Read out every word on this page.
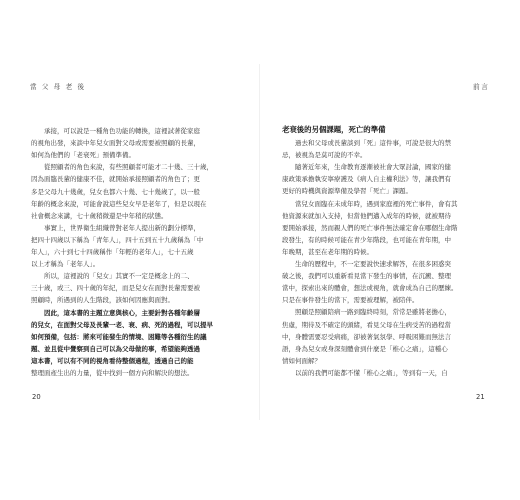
當 父 母 老 後	前言
承接，可以說是一種角色功能的轉換，這裡試著從家庭
的視角出發，來談中年兒女面對父母或需要被照顧的長輩，
如何為他們的「老衰死」預備準備。
從照顧者的角色來說，有些照顧者可能才二十幾、三十歲，
因為面臨長輩的健康不佳，就開始承接照顧者的角色了；更
多是父母九十幾歲，兒女也都六十幾、七十幾歲了，以一般
年齡的概念來說，可能會說這些兒女早是老年了，但是以現在
社會概念來講，七十歲稍微還是中年稍的狀態。
事實上，世界衛生組織曾對老年人提出新的劃分標準，
把四十四歲以下稱為「青年人」，四十五到五十九歲稱為「中
年人」，六十到七十四歲稱作「年輕的老年人」，七十五歲
以上才稱為「老年人」。
所以，這裡說的「兒女」其實不一定是概念上的二、
三十歲，或三、四十歲的年紀，而是兒女在面對長輩需要被
照顧時，所遇到的人生階段，該如何因應與面對。
因此，這本書的主題立意與核心，主要針對各種年齡層
的兒女，在面對父母及長輩一老、衰、病、死的過程，可以提早
如何預備，包括：將來可能發生的情境、困難等各種衍生的議
題、並且從中覺察到自己可以為父母做的事，希望能夠透過
這本書，可以有不同的視角看待整個過程，透過自己的能
整理面產生出的力量，從中找到一個方向和解決的想法。
老衰後的另個課題，死亡的準備
過去和父母或長輩談到「死」這件事，可說是很大的禁
忌，被視為是莫可說的不幸。
隨著近年來，生命教育逐漸被社會大眾討論，國家的健
康政策承擔執安寧療護及《病人自主權利法》等，讓我們有
更好的時機與資源準備及學習「死亡」課題。
當兒女面臨在未成年時，遇到家庭裡的死亡事件，會有其
他資源來就加入支持，但當他們邁入成年的時候，就被期待
要開始承接，然而親人們的死亡事件無法確定會在哪個生命階
段發生，有的時候可能在青少年階段，也可能在青年期，中
年晚期，甚至在老年期的時候。
生命的歷程中，不一定要說快速求解答，在很多困惑突
破之後，我們可以重新看見當下發生的事情，在沉澱、整理
當中，探索出來的體會，想法或視角，就會成為自己的歷練。
只是在事件發生的當下，需要被理解，被陪伴。
照顧是照顧陪病一路到臨終時刻，常常是雖將老擔心，
焦慮，期待及不確定的頭緒，看見父母在生病受苦的過程當
中，身體需要忍受病痛，卻被著氣氛學、呼吸困難而無法言
語，身為兒女或身深刻體會到什麼是「椎心之痛」，這種心
情如何面解？
以前的我們可能都不懂「椎心之痛」，等到有一天，自
20	21
